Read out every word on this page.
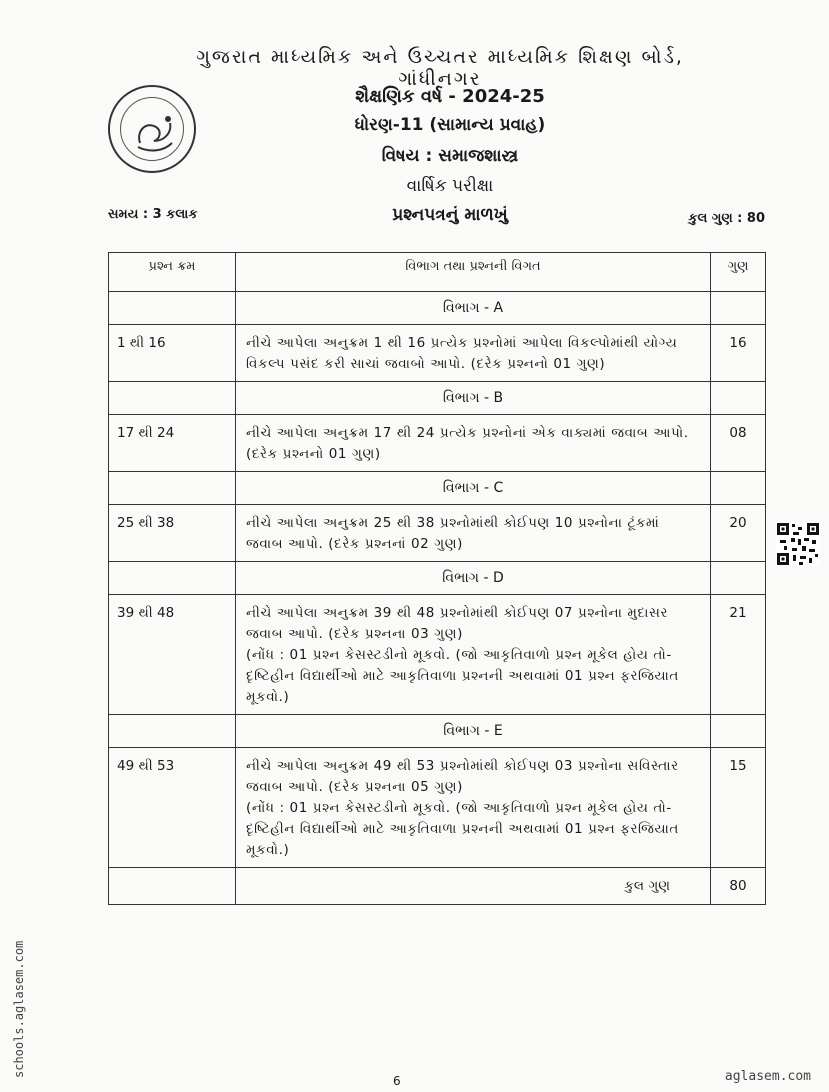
ગુજરાત માધ્યમિક અને ઉચ્ચતર માધ્યમિક શિક્ષણ બોર્ડ, ગાંધીનગર
શૈક્ષણિક વર્ષ - 2024-25
ધોરણ-11 (સામાન્ય પ્રવાહ)
વિષય : સમાજશાસ્ત્ર
વાર્ષિક પરીક્ષા
સમય : 3 કલાક	પ્રશ્નપત્રનું માળખું	કુલ ગુણ : 80
પ્રશ્ન ક્રમ	વિભાગ તથા પ્રશ્નની વિગત	ગુણ
	વિભાગ - A	
1 થી 16	નીચે આપેલા અનુક્રમ 1 થી 16 પ્રત્યેક પ્રશ્નોમાં આપેલા વિકલ્પોમાંથી યોગ્ય વિકલ્પ પસંદ કરી સાચાં જવાબો આપો. (દરેક પ્રશ્નનો 01 ગુણ)	16
	વિભાગ - B	
17 થી 24	નીચે આપેલા અનુક્રમ 17 થી 24 પ્રત્યેક પ્રશ્નોનાં એક વાક્યમાં જવાબ આપો. (દરેક પ્રશ્નનો 01 ગુણ)	08
	વિભાગ - C	
25 થી 38	નીચે આપેલા અનુક્રમ 25 થી 38 પ્રશ્નોમાંથી કોઈપણ 10 પ્રશ્નોના ટૂંકમાં જવાબ આપો. (દરેક પ્રશ્નનાં 02 ગુણ)	20
	વિભાગ - D	
39 થી 48	નીચે આપેલા અનુક્રમ 39 થી 48 પ્રશ્નોમાંથી કોઈપણ 07 પ્રશ્નોના મુદાસર જવાબ આપો. (દરેક પ્રશ્નના 03 ગુણ)
(નોંધ : 01 પ્રશ્ન કેસસ્ટડીનો મૂકવો. (જો આકૃતિવાળો પ્રશ્ન મૂકેલ હોય તો-દૃષ્ટિહીન વિદ્યાર્થીઓ માટે આકૃતિવાળા પ્રશ્નની અથવામાં 01 પ્રશ્ન ફરજિયાત મૂકવો.)	21
	વિભાગ - E	
49 થી 53	નીચે આપેલા અનુક્રમ 49 થી 53 પ્રશ્નોમાંથી કોઈપણ 03 પ્રશ્નોના સવિસ્તાર જવાબ આપો. (દરેક પ્રશ્નના 05 ગુણ)
(નોંધ : 01 પ્રશ્ન કેસસ્ટડીનો મૂકવો. (જો આકૃતિવાળો પ્રશ્ન મૂકેલ હોય તો-દૃષ્ટિહીન વિદ્યાર્થીઓ માટે આકૃતિવાળા પ્રશ્નની અથવામાં 01 પ્રશ્ન ફરજિયાત મૂકવો.)	15
	કુલ ગુણ	80
schools.aglasem.com
6	aglasem.com
